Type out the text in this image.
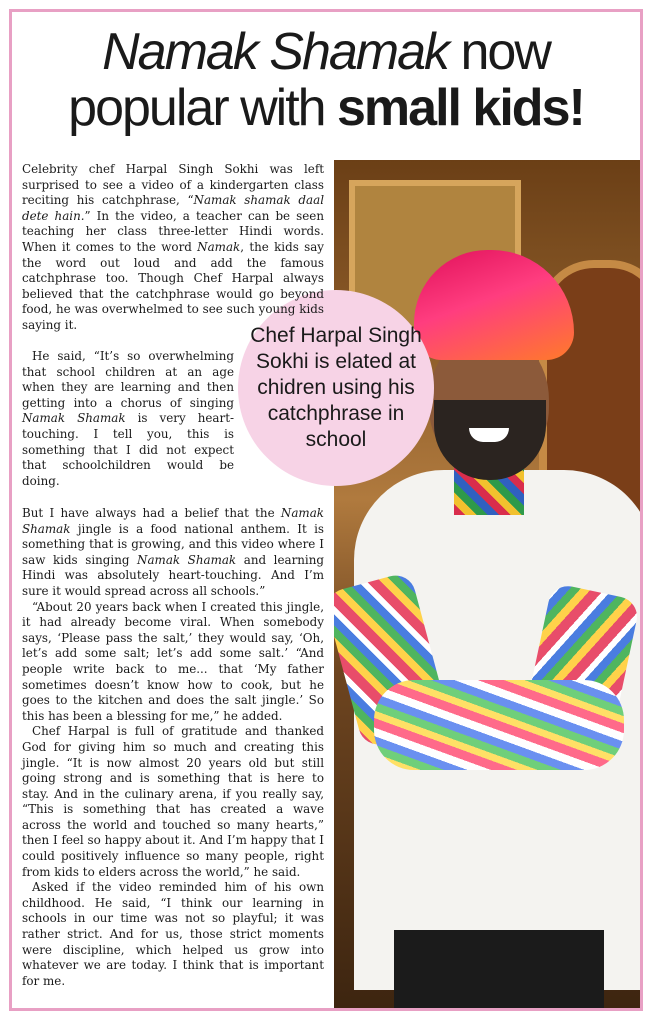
Namak Shamak now
popular with small kids!
Chef Harpal Singh Sokhi is elated at chidren using his catchphrase in school

Celebrity chef Harpal Singh Sokhi was left surprised to see a video of a kindergarten class reciting his catchphrase, “Namak shamak daal dete hain.” In the video, a teacher can be seen teaching her class three-letter Hindi words. When it comes to the word Namak, the kids say the word out loud and add the famous catchphrase too. Though Chef Harpal always believed that the catchphrase would go beyond food, he was overwhelmed to see such young kids saying it.

He said, “It’s so overwhelming that school children at an age when they are learning and then getting into a chorus of singing Namak Shamak is very heart-touching. I tell you, this is something that I did not expect that schoolchildren would be doing.

But I have always had a belief that the Namak Shamak jingle is a food national anthem. It is something that is growing, and this video where I saw kids singing Namak Shamak and learning Hindi was absolutely heart-touching. And I’m sure it would spread across all schools.”

“About 20 years back when I created this jingle, it had already become viral. When somebody says, ‘Please pass the salt,’ they would say, ‘Oh, let’s add some salt; let’s add some salt.’ “And people write back to me... that ‘My father sometimes doesn’t know how to cook, but he goes to the kitchen and does the salt jingle.’ So this has been a blessing for me,” he added.

Chef Harpal is full of gratitude and thanked God for giving him so much and creating this jingle. “It is now almost 20 years old but still going strong and is something that is here to stay. And in the culinary arena, if you really say, “This is something that has created a wave across the world and touched so many hearts,” then I feel so happy about it. And I’m happy that I could positively influence so many people, right from kids to elders across the world,” he said.

Asked if the video reminded him of his own childhood. He said, “I think our learning in schools in our time was not so playful; it was rather strict. And for us, those strict moments were discipline, which helped us grow into whatever we are today. I think that is important for me.
